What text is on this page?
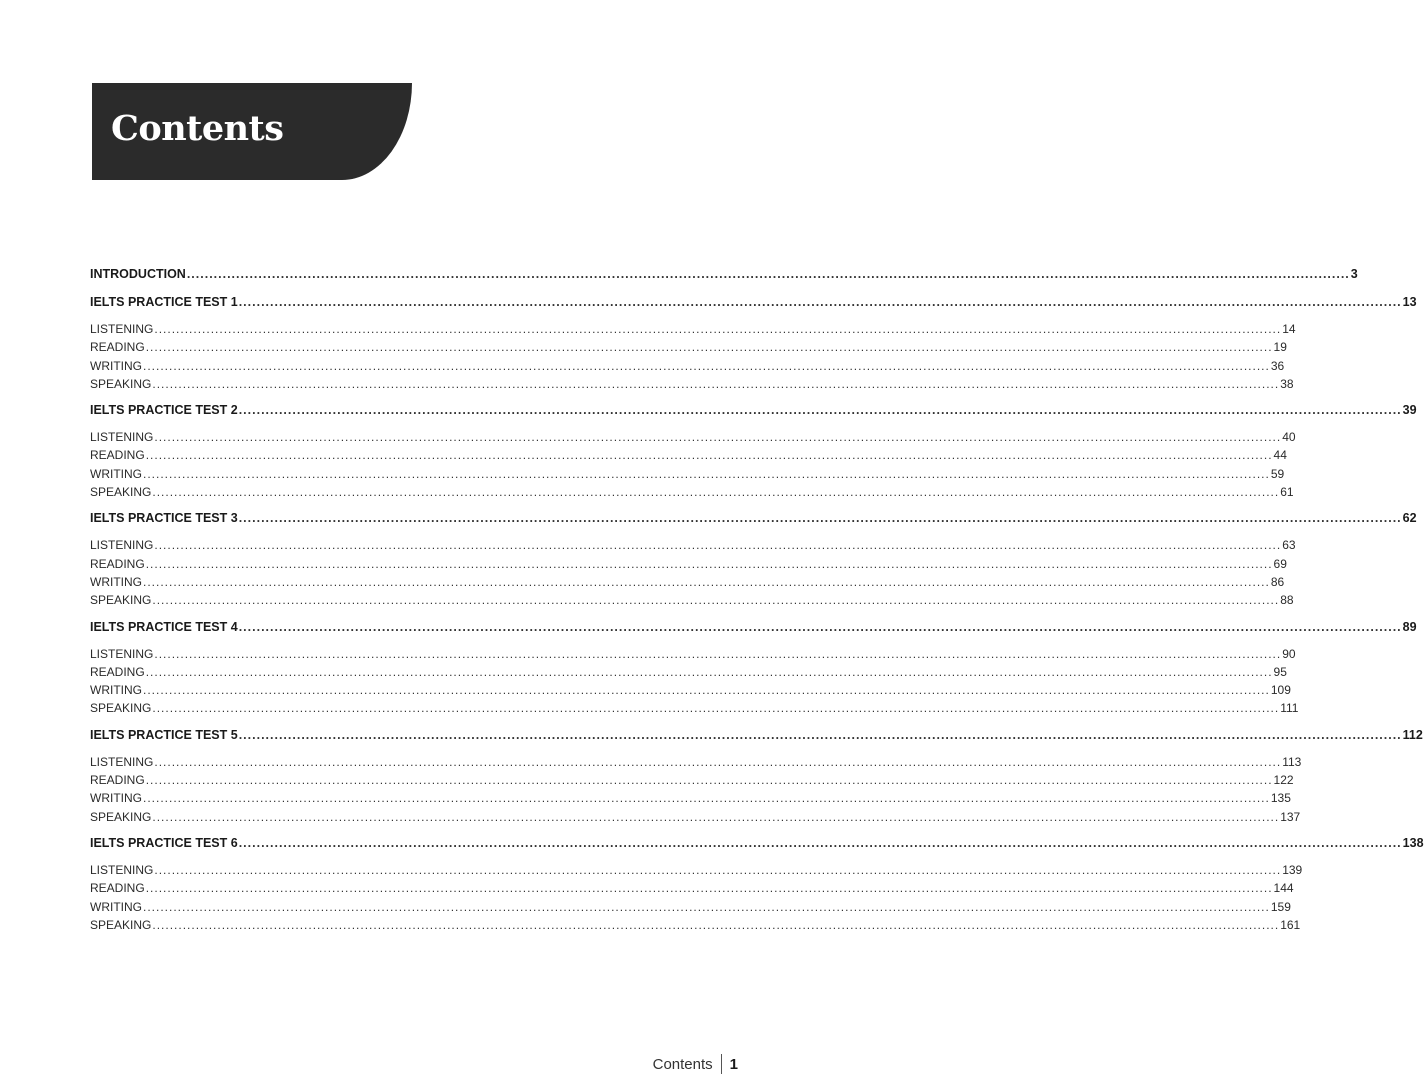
Contents
INTRODUCTION .................................................................................................................................................................................................................................................................... 3
IELTS PRACTICE TEST 1 .................................................................................................................................................................................................................................................................... 13
LISTENING .................................................................................................................................................................................................................................................................... 14
READING .................................................................................................................................................................................................................................................................... 19
WRITING .................................................................................................................................................................................................................................................................... 36
SPEAKING .................................................................................................................................................................................................................................................................... 38
IELTS PRACTICE TEST 2 .................................................................................................................................................................................................................................................................... 39
LISTENING .................................................................................................................................................................................................................................................................... 40
READING .................................................................................................................................................................................................................................................................... 44
WRITING .................................................................................................................................................................................................................................................................... 59
SPEAKING .................................................................................................................................................................................................................................................................... 61
IELTS PRACTICE TEST 3 .................................................................................................................................................................................................................................................................... 62
LISTENING .................................................................................................................................................................................................................................................................... 63
READING .................................................................................................................................................................................................................................................................... 69
WRITING .................................................................................................................................................................................................................................................................... 86
SPEAKING .................................................................................................................................................................................................................................................................... 88
IELTS PRACTICE TEST 4 .................................................................................................................................................................................................................................................................... 89
LISTENING .................................................................................................................................................................................................................................................................... 90
READING .................................................................................................................................................................................................................................................................... 95
WRITING .................................................................................................................................................................................................................................................................... 109
SPEAKING .................................................................................................................................................................................................................................................................... 111
IELTS PRACTICE TEST 5 .................................................................................................................................................................................................................................................................... 112
LISTENING .................................................................................................................................................................................................................................................................... 113
READING .................................................................................................................................................................................................................................................................... 122
WRITING .................................................................................................................................................................................................................................................................... 135
SPEAKING .................................................................................................................................................................................................................................................................... 137
IELTS PRACTICE TEST 6 .................................................................................................................................................................................................................................................................... 138
LISTENING .................................................................................................................................................................................................................................................................... 139
READING .................................................................................................................................................................................................................................................................... 144
WRITING .................................................................................................................................................................................................................................................................... 159
SPEAKING .................................................................................................................................................................................................................................................................... 161
Contents 1
